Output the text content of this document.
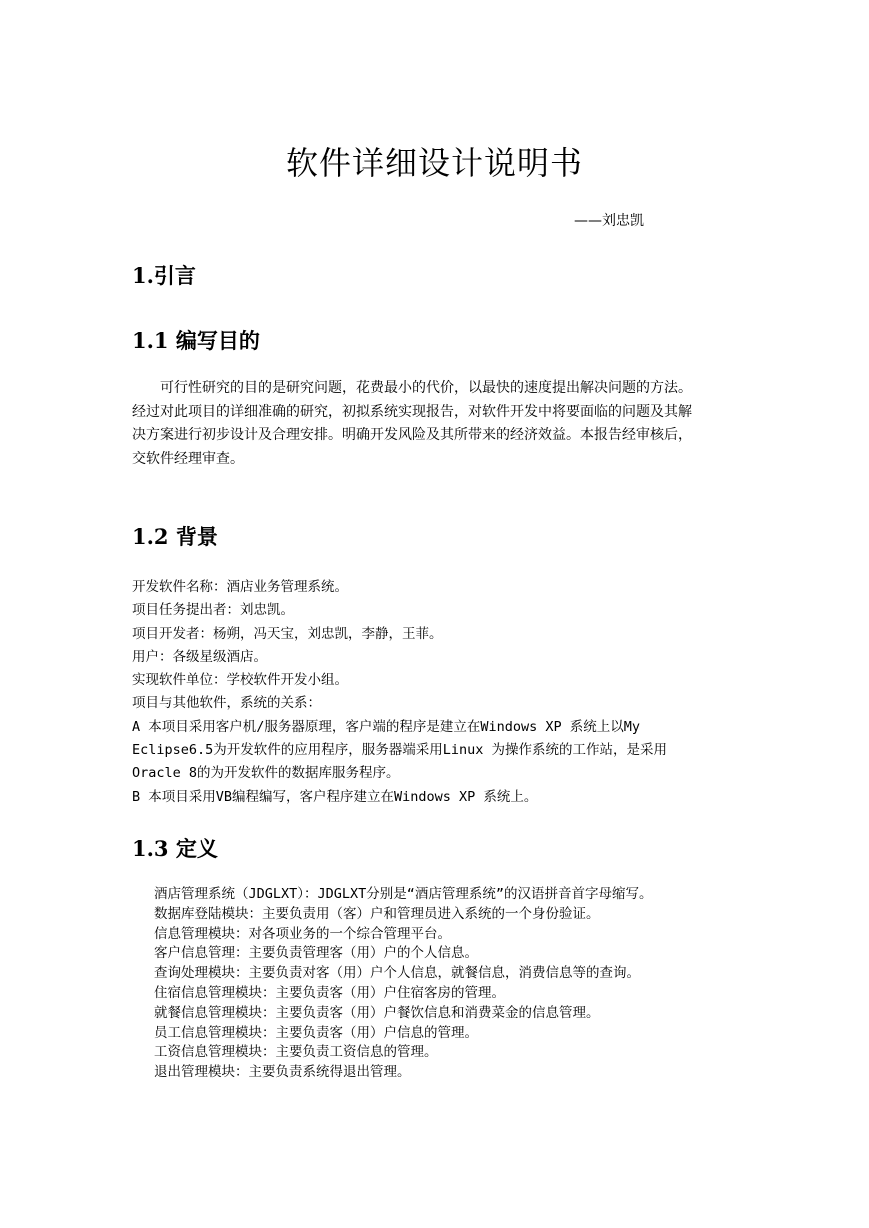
软件详细设计说明书
——刘忠凯
1.引言
1.1 编写目的
可行性研究的目的是研究问题，花费最小的代价，以最快的速度提出解决问题的方法。
经过对此项目的详细准确的研究，初拟系统实现报告，对软件开发中将要面临的问题及其解
决方案进行初步设计及合理安排。明确开发风险及其所带来的经济效益。本报告经审核后，
交软件经理审查。
1.2 背景
开发软件名称：酒店业务管理系统。
项目任务提出者：刘忠凯。
项目开发者：杨朔，冯天宝，刘忠凯，李静，王菲。
用户：各级星级酒店。
实现软件单位：学校软件开发小组。
项目与其他软件，系统的关系：
A 本项目采用客户机/服务器原理，客户端的程序是建立在Windows XP 系统上以My
Eclipse6.5为开发软件的应用程序，服务器端采用Linux 为操作系统的工作站，是采用
Oracle 8的为开发软件的数据库服务程序。
B 本项目采用VB编程编写，客户程序建立在Windows XP 系统上。
1.3 定义
酒店管理系统（JDGLXT）：JDGLXT分别是“酒店管理系统”的汉语拼音首字母缩写。
数据库登陆模块：主要负责用（客）户和管理员进入系统的一个身份验证。
信息管理模块：对各项业务的一个综合管理平台。
客户信息管理：主要负责管理客（用）户的个人信息。
查询处理模块：主要负责对客（用）户个人信息，就餐信息，消费信息等的查询。
住宿信息管理模块：主要负责客（用）户住宿客房的管理。
就餐信息管理模块：主要负责客（用）户餐饮信息和消费菜金的信息管理。
员工信息管理模块：主要负责客（用）户信息的管理。
工资信息管理模块：主要负责工资信息的管理。
退出管理模块：主要负责系统得退出管理。
